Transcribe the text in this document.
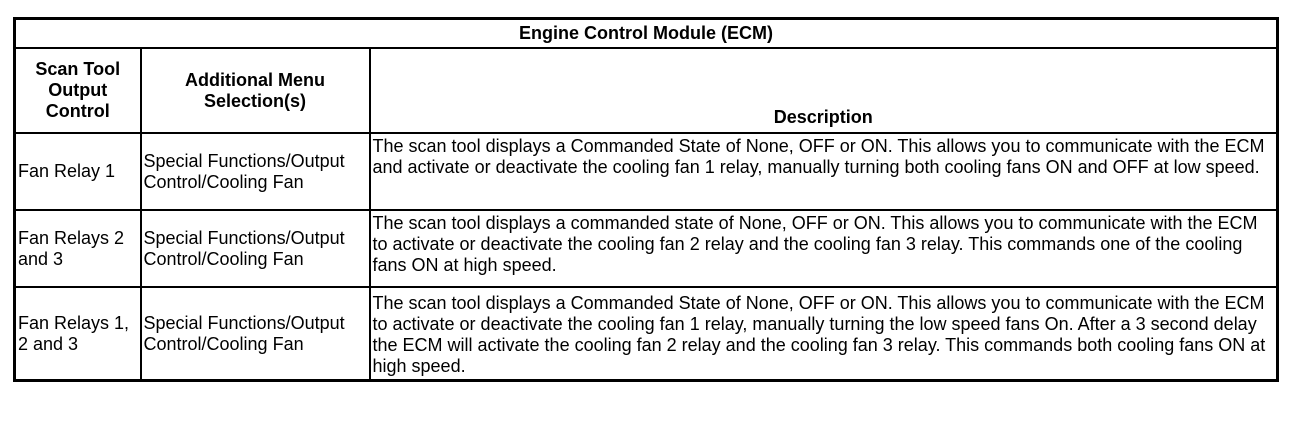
Engine Control Module (ECM)		
Scan Tool Output Control	Additional Menu Selection(s)	Description
Fan Relay 1	Special Functions/Output Control/Cooling Fan	The scan tool displays a Commanded State of None, OFF or ON. This allows you to communicate with the ECM and activate or deactivate the cooling fan 1 relay, manually turning both cooling fans ON and OFF at low speed.
Fan Relays 2 and 3	Special Functions/Output Control/Cooling Fan	The scan tool displays a commanded state of None, OFF or ON. This allows you to communicate with the ECM to activate or deactivate the cooling fan 2 relay and the cooling fan 3 relay. This commands one of the cooling fans ON at high speed.
Fan Relays 1, 2 and 3	Special Functions/Output Control/Cooling Fan	The scan tool displays a Commanded State of None, OFF or ON. This allows you to communicate with the ECM to activate or deactivate the cooling fan 1 relay, manually turning the low speed fans On. After a 3 second delay the ECM will activate the cooling fan 2 relay and the cooling fan 3 relay. This commands both cooling fans ON at high speed.
